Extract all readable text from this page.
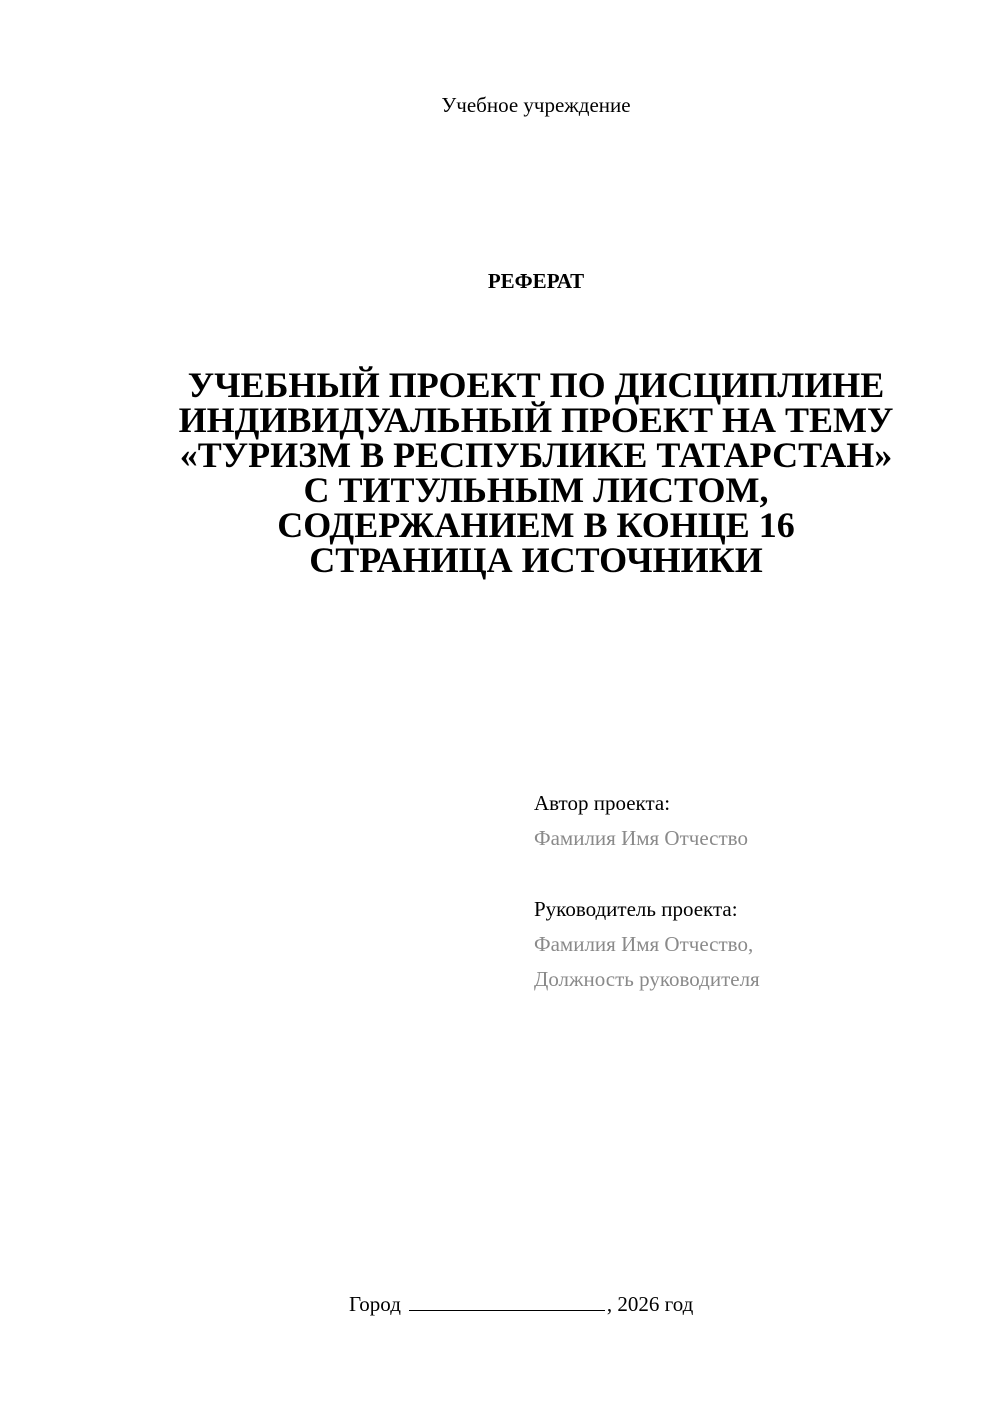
Учебное учреждение
РЕФЕРАТ
УЧЕБНЫЙ ПРОЕКТ ПО ДИСЦИПЛИНЕ
ИНДИВИДУАЛЬНЫЙ ПРОЕКТ НА ТЕМУ
«ТУРИЗМ В РЕСПУБЛИКЕ ТАТАРСТАН»
С ТИТУЛЬНЫМ ЛИСТОМ,
СОДЕРЖАНИЕМ В КОНЦЕ 16
СТРАНИЦА ИСТОЧНИКИ
Автор проекта:
Фамилия Имя Отчество
Руководитель проекта:
Фамилия Имя Отчество,
Должность руководителя
Город	, 2026 год
